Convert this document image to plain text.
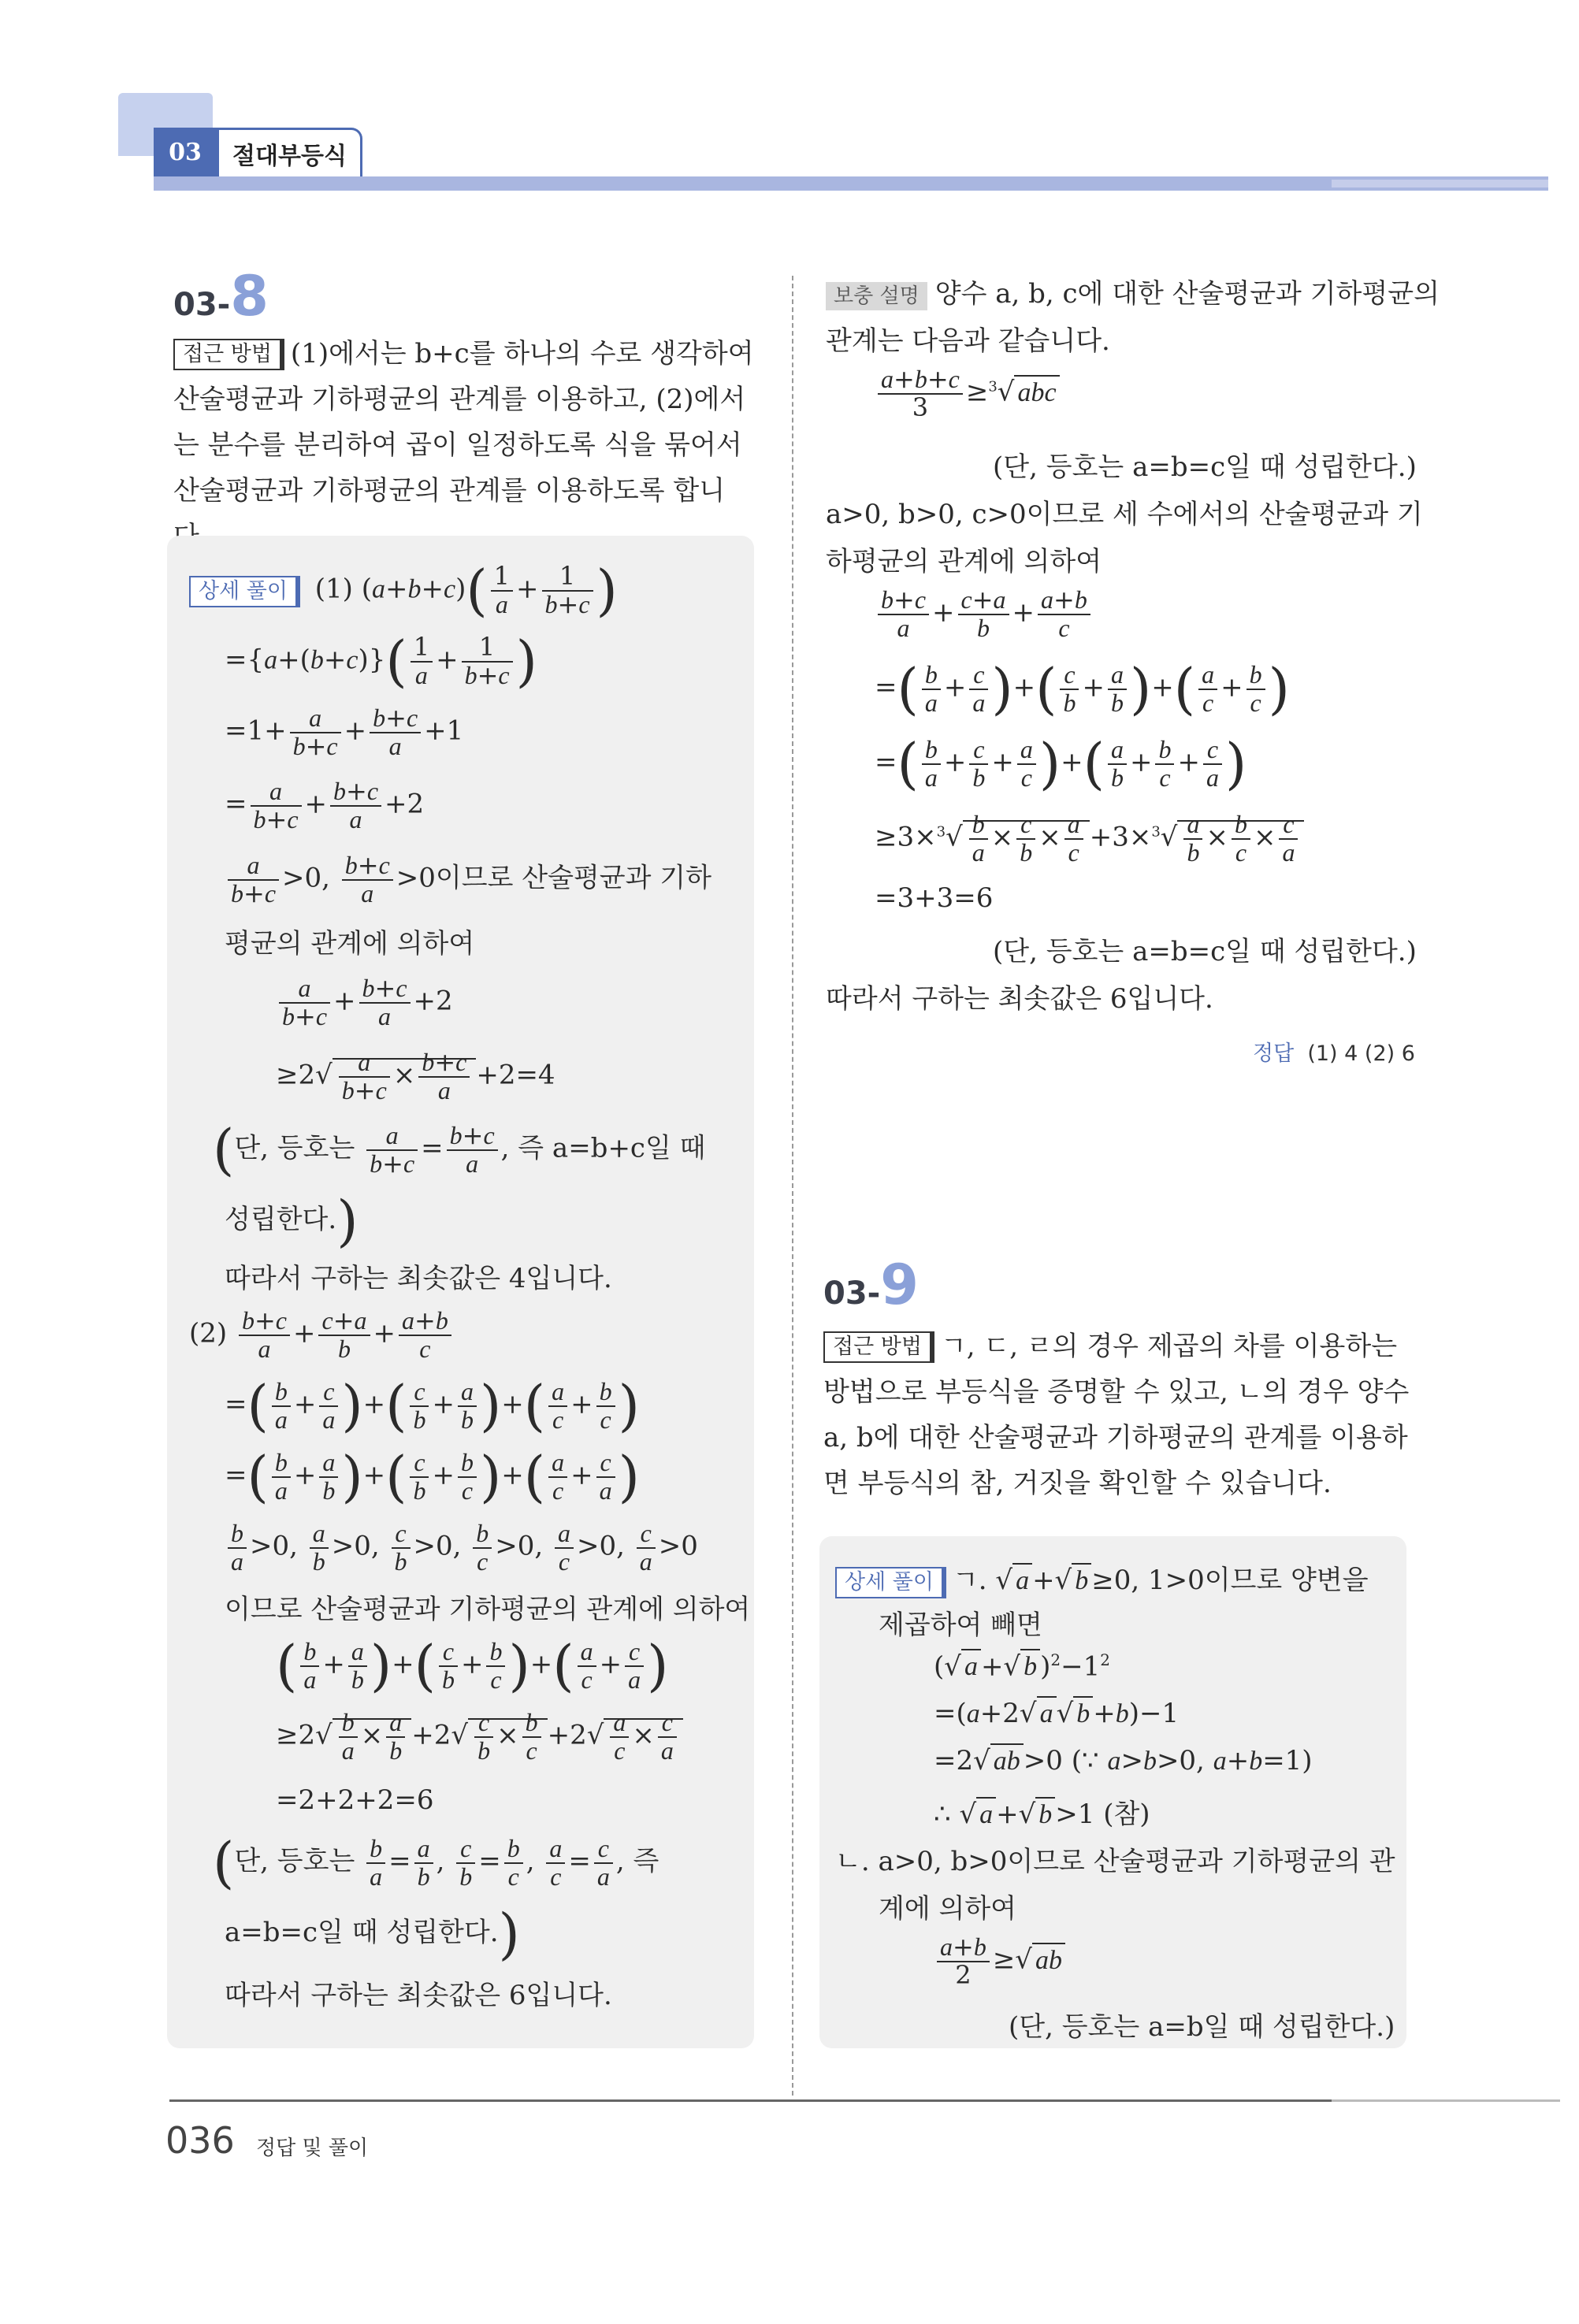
03	절대부등식
03-8
접근 방법 (1)에서는 b+c를 하나의 수로 생각하여 산술평균과 기하평균의 관계를 이용하고, (2)에서는 분수를 분리하여 곱이 일정하도록 식을 묶어서 산술평균과 기하평균의 관계를 이용하도록 합니
상세 풀이 (1) $(a+b+c)( \frac{1}{a} + \frac{1}{b+c}$ )
$=\{a+(b+c)\}( \frac{1}{a} + \frac{1}{b+c}$ )
$=1+ \frac{a}{b+c} + \frac{b+c}{a} +1$
= $\frac{a}{b+c} + \frac{b+c}{a} +2$
$\frac{a}{b+c} >0$, $\frac{b+c}{a} >0$이므로 산술평균과 기하
평균의 관계에 의하여
$\frac{a}{b+c} + \frac{b+c}{a} +2$
$\ge 2√ \frac{a}{b+c} \times \frac{b+c}{a} +2=4$
(단, 등호는 $\frac{a}{b+c} = \frac{b+c}{a}$ , 즉 a=b+c일 때
성립한다.)
따라서 구하는 최솟값은 4입니다.
$(2) \frac{b+c}{a} + \frac{c+a}{b} + \frac{a+b}{c}$
=( $\frac{b}{a} + \frac{c}{a}$ )+( $\frac{c}{b} + \frac{a}{b}$ )+( $\frac{a}{c} + \frac{b}{c}$ )
=( $\frac{b}{a} + \frac{a}{b}$ )+( $\frac{c}{b} + \frac{b}{c}$ )+( $\frac{a}{c} + \frac{c}{a}$ )
$\frac{b}{a} >0$, $\frac{a}{b} >0$, $\frac{c}{b} >0$, $\frac{b}{c} >0$, $\frac{a}{c} >0$, $\frac{c}{a} >0$
이므로 산술평균과 기하평균의 관계에 의하여
( $\frac{b}{a} + \frac{a}{b}$ )+( $\frac{c}{b} + \frac{b}{c}$ )+( $\frac{a}{c} + \frac{c}{a}$ )
$\ge 2√ \frac{b}{a} \times \frac{a}{b} +2√ \frac{c}{b} \times \frac{b}{c} +2√ \frac{a}{c} \times \frac{c}{a}$
=2+2+2=6
(단, 등호는 $\frac{b}{a} = \frac{a}{b}$ , $\frac{c}{b} = \frac{b}{c}$ , $\frac{a}{c} = \frac{c}{a}$ , 즉
a=b=c일 때 성립한다.)
따라서 구하는 최솟값은 6입니다.
보충 설명 양수 a, b, c에 대한 산술평균과 기하평균의
관계는 다음과 같습니다.
$\frac{a+b+c}{3} \ge^3√$ abc
(단, 등호는 a=b=c일 때 성립한다.)
a>0, b>0, c>0이므로 세 수에서의 산술평균과 기
하평균의 관계에 의하여
$\frac{b+c}{a} + \frac{c+a}{b} + \frac{a+b}{c}$
=( $\frac{b}{a} + \frac{c}{a}$ )+( $\frac{c}{b} + \frac{a}{b}$ )+( $\frac{a}{c} + \frac{b}{c}$ )
=( $\frac{b}{a} + \frac{c}{b} + \frac{a}{c}$ )+( $\frac{a}{b} + \frac{b}{c} + \frac{c}{a}$ )
$\ge 3\times^3√ \frac{b}{a} \times \frac{c}{b} \times \frac{a}{c} +3\times^3√ \frac{a}{b} \times \frac{b}{c} \times \frac{c}{a}$
=3+3=6
(단, 등호는 a=b=c일 때 성립한다.)
따라서 구하는 최솟값은 6입니다.
정답 (1) 4 (2) 6
03-9
접근 방법 ㄱ, ㄷ, ㄹ의 경우 제곱의 차를 이용하는 방법으로 부등식을 증명할 수 있고, ㄴ의 경우 양수 a, b에 대한 산술평균과 기하평균의 관계를 이용하면 부등식의 참, 거짓을 확인할 수 있습니다.
상세 풀이 ㄱ. √ a +√ b ≥0, 1>0이므로 양변을
제곱하여 빼면
(√ a +√ b )$^2-1^2$
=(a+2√ a √ b +b)−1
=2√ ab >0 (∵ a>b>0, a+b=1)
∴ √ a +√ b >1 (참)
ㄴ. a>0, b>0이므로 산술평균과 기하평균의 관
계에 의하여
$\frac{a+b}{2}$ ≥√ ab
(단, 등호는 a=b일 때 성립한다.)
036 정답 및 풀이
